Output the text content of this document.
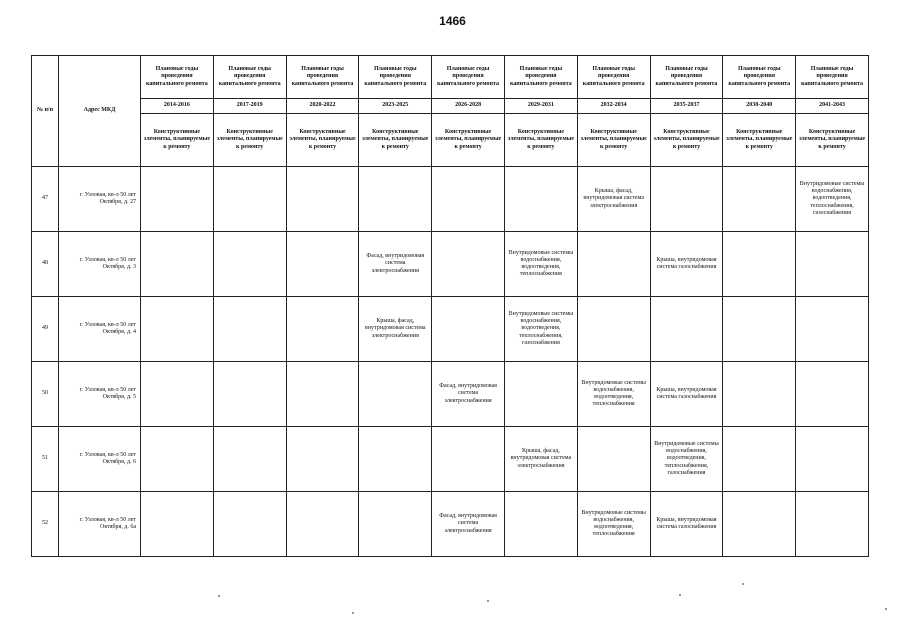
1466
№ п/п	Адрес МКД	Плановые годы проведения капитального ремонта	Плановые годы проведения капитального ремонта	Плановые годы проведения капитального ремонта	Плановые годы проведения капитального ремонта	Плановые годы проведения капитального ремонта	Плановые годы проведения капитального ремонта	Плановые годы проведения капитального ремонта	Плановые годы проведения капитального ремонта	Плановые годы проведения капитального ремонта	Плановые годы проведения капитального ремонта
		2014-2016	2017-2019	2020-2022	2023-2025	2026-2028	2029-2031	2032-2034	2035-2037	2038-2040	2041-2043
		Конструктивные элементы, планируемые к ремонту	Конструктивные элементы, планируемые к ремонту	Конструктивные элементы, планируемые к ремонту	Конструктивные элементы, планируемые к ремонту	Конструктивные элементы, планируемые к ремонту	Конструктивные элементы, планируемые к ремонту	Конструктивные элементы, планируемые к ремонту	Конструктивные элементы, планируемые к ремонту	Конструктивные элементы, планируемые к ремонту	Конструктивные элементы, планируемые к ремонту
47	г. Узловая, кв-л 50 лет Октября, д. 27							Крыша, фасад, внутридомовая система электроснабжения			Внутридомовые системы водоснабжения, водоотведения, теплоснабжения, газоснабжения
48	г. Узловая, кв-л 50 лет Октября, д. 3				Фасад, внутридомовая система электроснабжения		Внутридомовые системы водоснабжения, водоотведения, теплоснабжения		Крыша, внутридомовая система газоснабжения		
49	г. Узловая, кв-л 50 лет Октября, д. 4				Крыша, фасад, внутридомовая система электроснабжения		Внутридомовые системы водоснабжения, водоотведения, теплоснабжения, газоснабжения				
50	г. Узловая, кв-л 50 лет Октября, д. 5					Фасад, внутридомовая система электроснабжения		Внутридомовые системы водоснабжения, водоотведения, теплоснабжения	Крыша, внутридомовая система газоснабжения		
51	г. Узловая, кв-л 50 лет Октября, д. 6						Крыша, фасад, внутридомовая система электроснабжения		Внутридомовые системы водоснабжения, водоотведения, теплоснабжения, газоснабжения		
52	г. Узловая, кв-л 50 лет Октября, д. 6а					Фасад, внутридомовая система электроснабжения		Внутридомовые системы водоснабжения, водоотведения, теплоснабжения	Крыша, внутридомовая система газоснабжения		
